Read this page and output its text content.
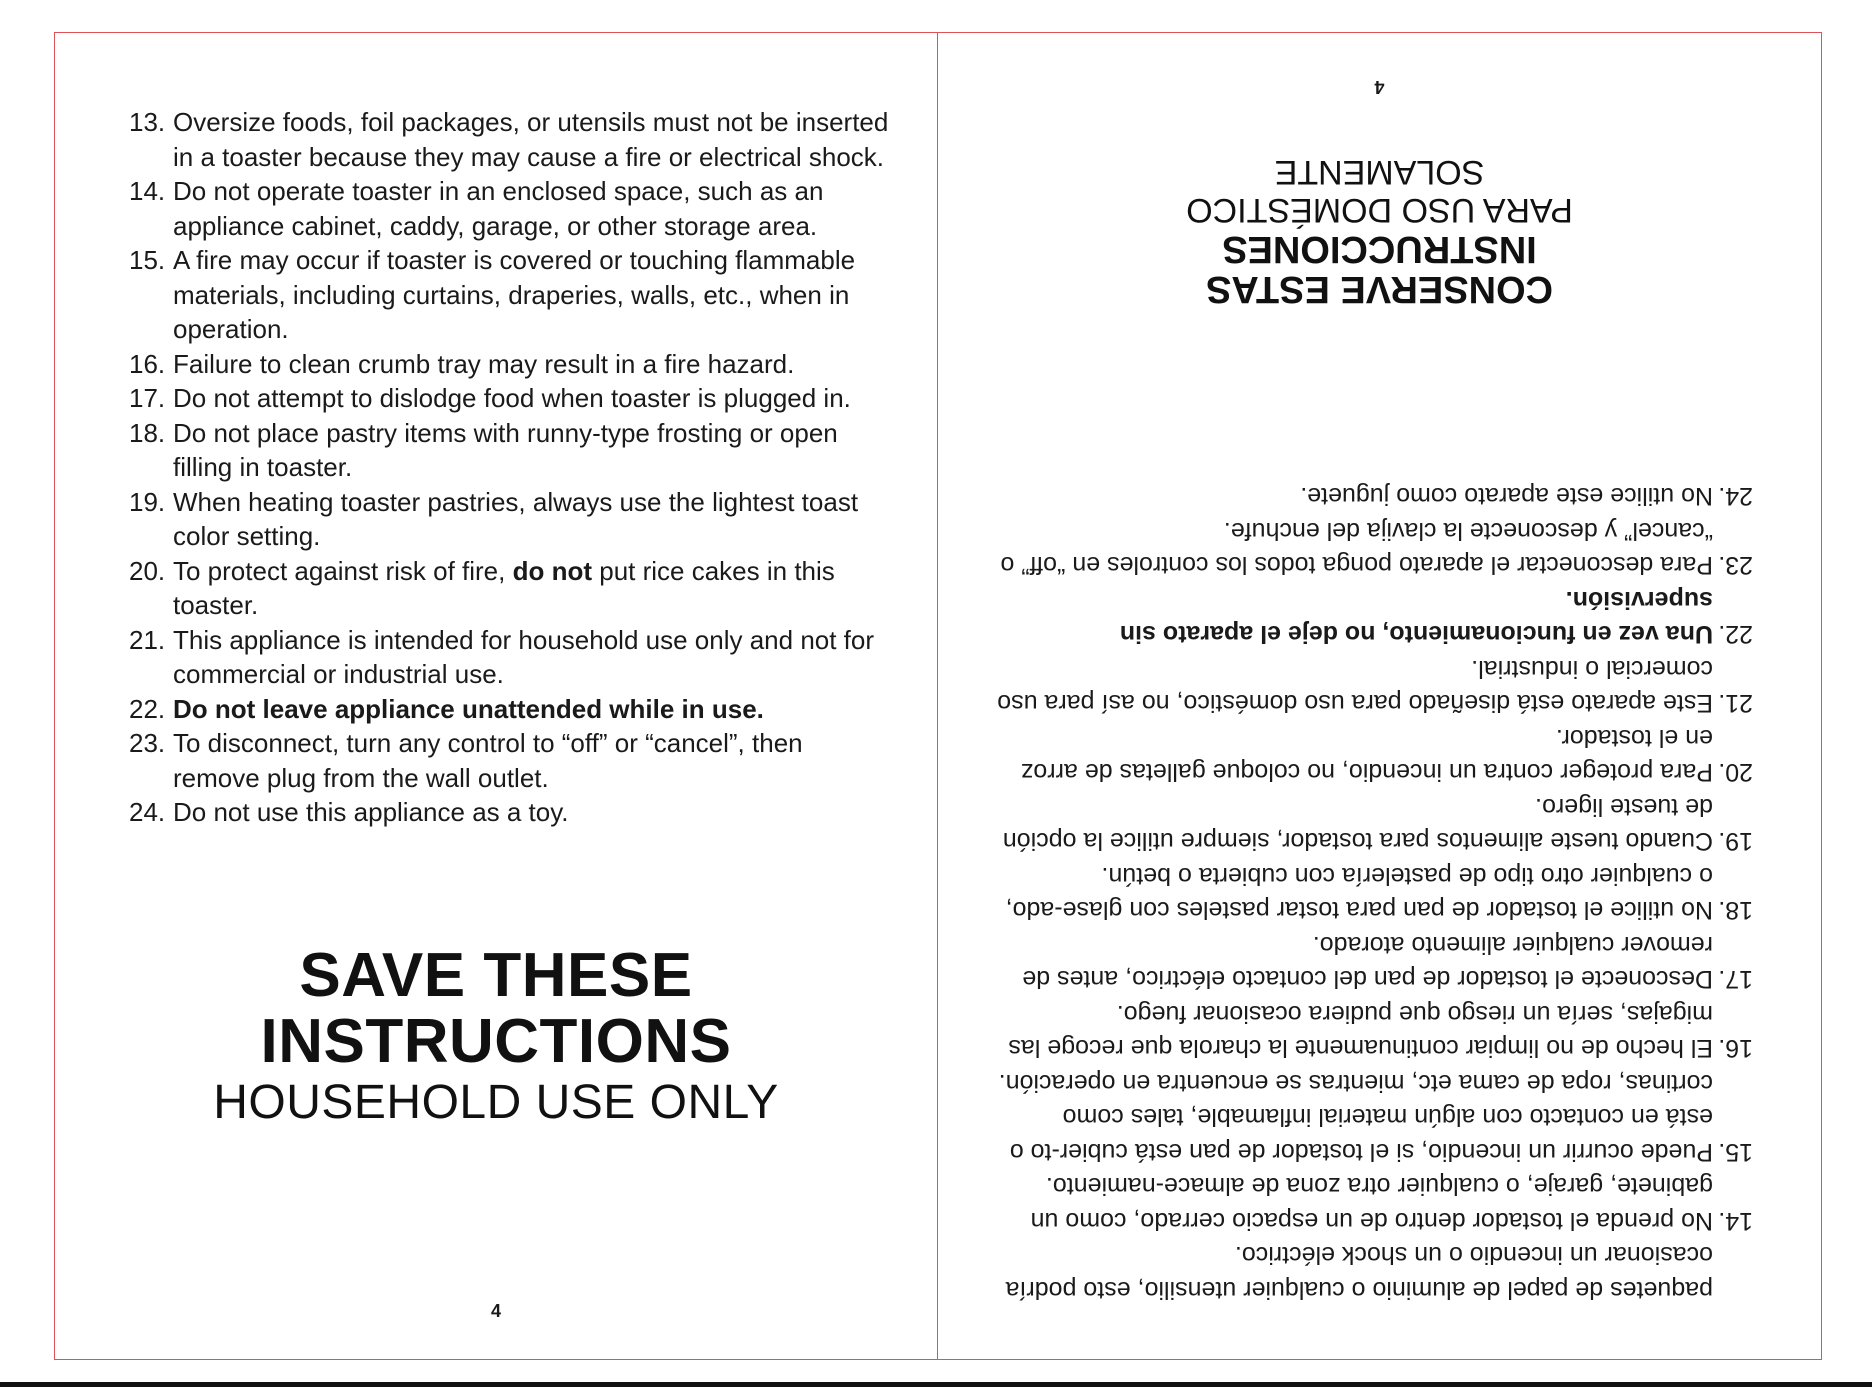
13. Oversize foods, foil packages, or utensils must not be inserted in a toaster because they may cause a fire or electrical shock.
14. Do not operate toaster in an enclosed space, such as an appliance cabinet, caddy, garage, or other storage area.
15. A fire may occur if toaster is covered or touching flammable materials, including curtains, draperies, walls, etc., when in operation.
16. Failure to clean crumb tray may result in a fire hazard.
17. Do not attempt to dislodge food when toaster is plugged in.
18. Do not place pastry items with runny-type frosting or open filling in toaster.
19. When heating toaster pastries, always use the lightest toast color setting.
20. To protect against risk of fire, do not put rice cakes in this toaster.
21. This appliance is intended for household use only and not for commercial or industrial use.
22. Do not leave appliance unattended while in use.
23. To disconnect, turn any control to “off” or “cancel”, then remove plug from the wall outlet.
24. Do not use this appliance as a toy.
SAVE THESE
INSTRUCTIONS
HOUSEHOLD USE ONLY
4
paquetes de papel de aluminio o cualquier utensilio, esto podría ocasionar un incendio o un shock eléctrico.
14.
No prenda el tostador dentro de un espacio cerrado, como un gabinete, garaje, o cualquier otra zona de almace-namiento.
15.
Puede ocurrir un incendio, si el tostador de pan está cubier-to o está en contacto con algún material inflamable, tales como cortinas, ropa de cama etc, mientras se encuentra en operación.
16.
El hecho de no limpiar continuamente la charola que recoge las migajas, sería un riesgo que pudiera ocasionar fuego.
17.
Desconecte el tostador de pan del contacto eléctrico, antes de remover cualquier alimento atorado.
18.
No utilice el tostador de pan para tostar pasteles con glase-ado, o cualquier otro tipo de pastelería con cubierta o betún.
19.
Cuando tueste alimentos para tostador, siempre utilice la opción de tueste ligero.
20.
Para proteger contra un incendio, no coloque galletas de arroz en el tostador.
21.
Este aparato está diseñado para uso doméstico, no así para uso comercial o industrial.
22.
Una vez en funcionamiento, no deje el aparato sin supervisión.
23.
Para desconectar el aparato ponga todos los controles en “off” o “cancel” y desconecte la clavija del enchufe.
24.
No utilice este aparato como juguete.
CONSERVE ESTAS
INSTRUCCIONES
PARA USO DOMÉSTICO
SOLAMENTE
4
